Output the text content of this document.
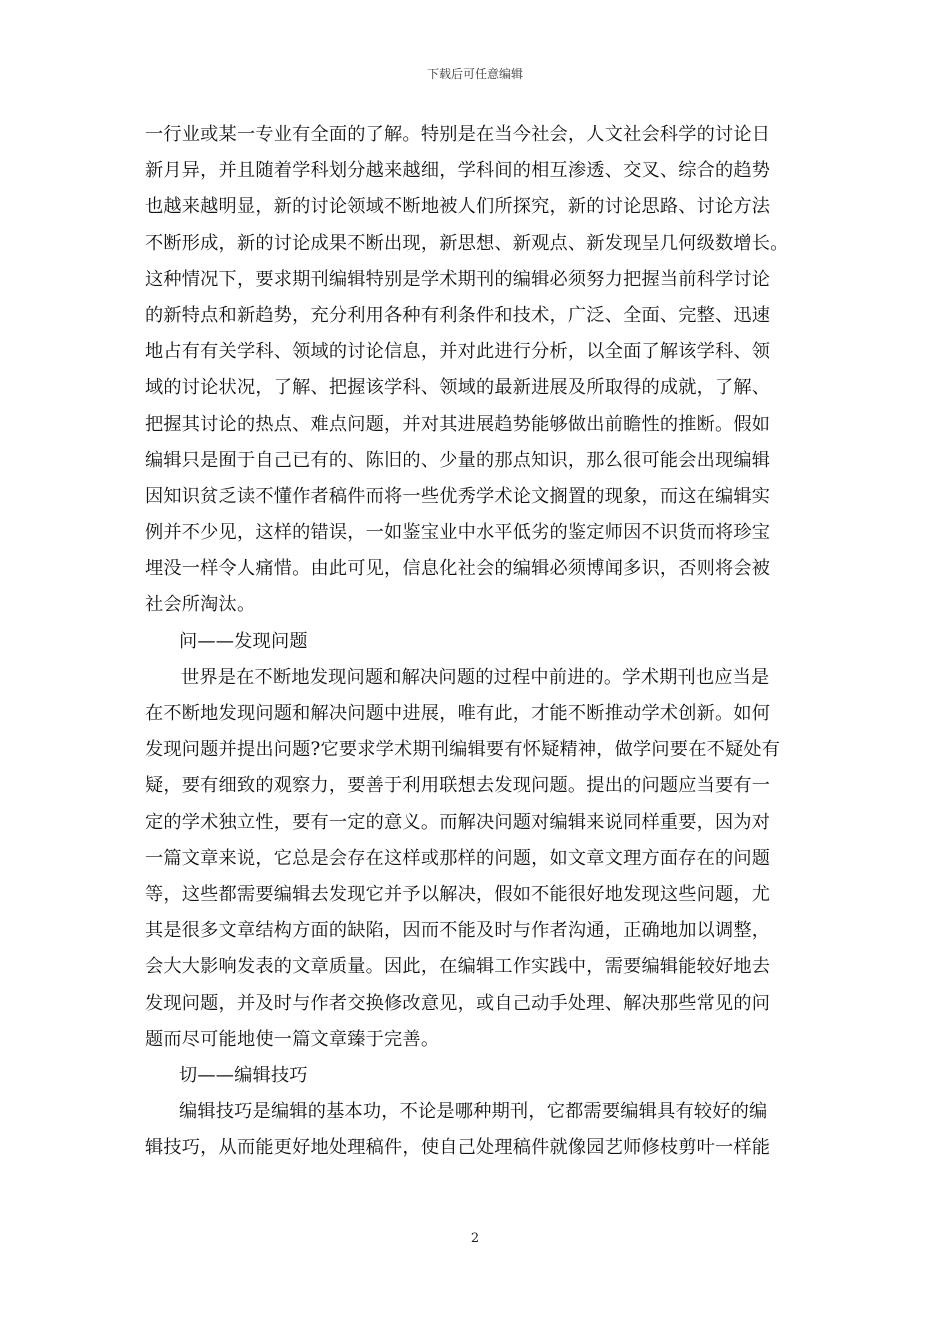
下载后可任意编辑
一行业或某一专业有全面的了解。特别是在当今社会，人文社会科学的讨论日
新月异，并且随着学科划分越来越细，学科间的相互渗透、交叉、综合的趋势
也越来越明显，新的讨论领域不断地被人们所探究，新的讨论思路、讨论方法
不断形成，新的讨论成果不断出现，新思想、新观点、新发现呈几何级数增长。
这种情况下，要求期刊编辑特别是学术期刊的编辑必须努力把握当前科学讨论
的新特点和新趋势，充分利用各种有利条件和技术，广泛、全面、完整、迅速
地占有有关学科、领域的讨论信息，并对此进行分析，以全面了解该学科、领
域的讨论状况，了解、把握该学科、领域的最新进展及所取得的成就，了解、
把握其讨论的热点、难点问题，并对其进展趋势能够做出前瞻性的推断。假如
编辑只是囿于自己已有的、陈旧的、少量的那点知识，那么很可能会出现编辑
因知识贫乏读不懂作者稿件而将一些优秀学术论文搁置的现象，而这在编辑实
例并不少见，这样的错误，一如鉴宝业中水平低劣的鉴定师因不识货而将珍宝
埋没一样令人痛惜。由此可见，信息化社会的编辑必须博闻多识，否则将会被
社会所淘汰。
问——发现问题
世界是在不断地发现问题和解决问题的过程中前进的。学术期刊也应当是
在不断地发现问题和解决问题中进展，唯有此，才能不断推动学术创新。如何
发现问题并提出问题?它要求学术期刊编辑要有怀疑精神，做学问要在不疑处有
疑，要有细致的观察力，要善于利用联想去发现问题。提出的问题应当要有一
定的学术独立性，要有一定的意义。而解决问题对编辑来说同样重要，因为对
一篇文章来说，它总是会存在这样或那样的问题，如文章文理方面存在的问题
等，这些都需要编辑去发现它并予以解决，假如不能很好地发现这些问题，尤
其是很多文章结构方面的缺陷，因而不能及时与作者沟通，正确地加以调整，
会大大影响发表的文章质量。因此，在编辑工作实践中，需要编辑能较好地去
发现问题，并及时与作者交换修改意见，或自己动手处理、解决那些常见的问
题而尽可能地使一篇文章臻于完善。
切——编辑技巧
编辑技巧是编辑的基本功，不论是哪种期刊，它都需要编辑具有较好的编
辑技巧，从而能更好地处理稿件，使自己处理稿件就像园艺师修枝剪叶一样能
2
